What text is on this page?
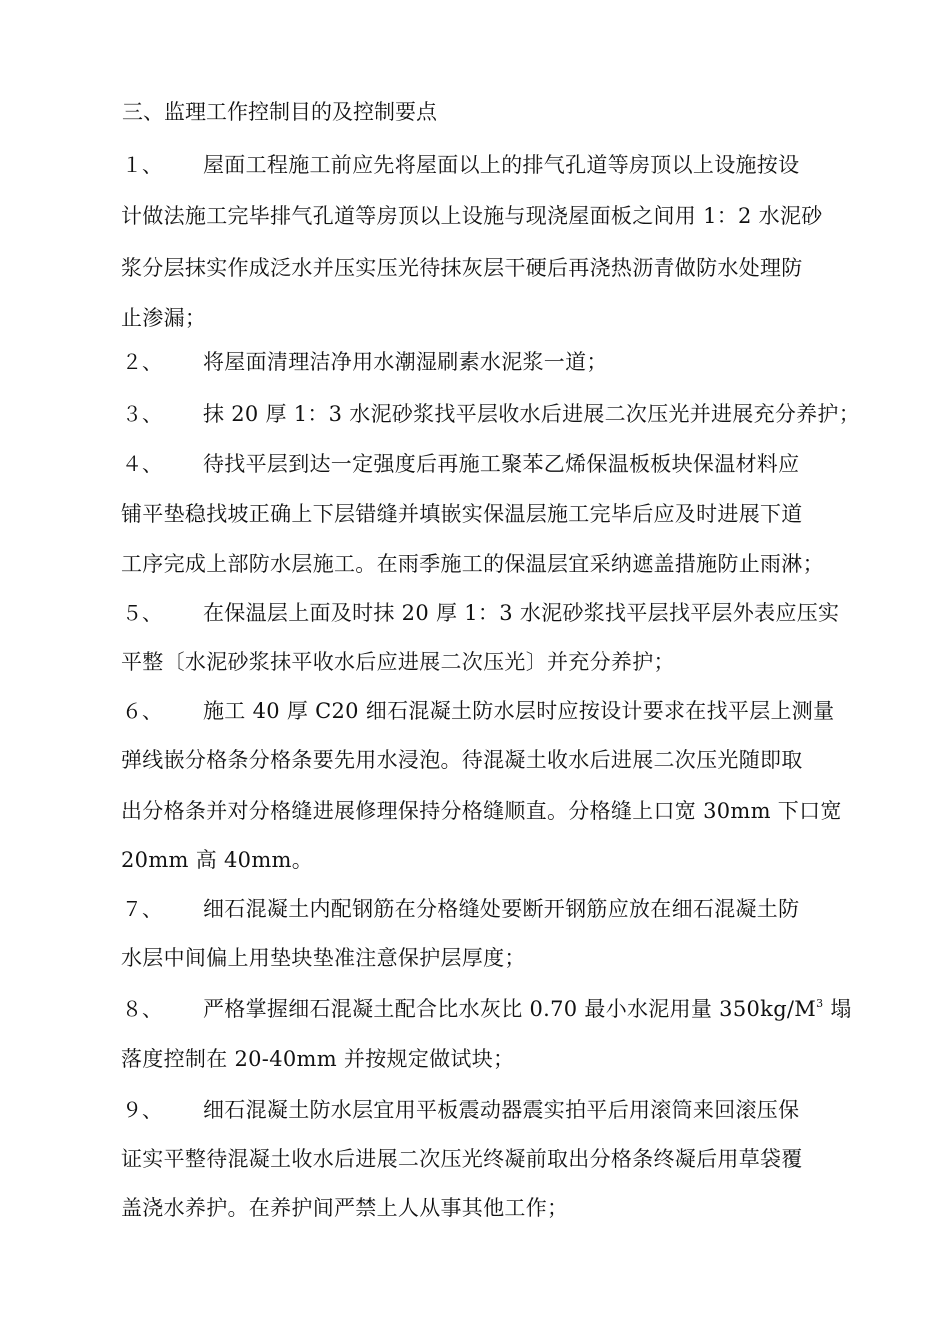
三、监理工作控制目的及控制要点
１、 屋面工程施工前应先将屋面以上的排气孔道等房顶以上设施按设
计做法施工完毕排气孔道等房顶以上设施与现浇屋面板之间用 1：2 水泥砂
浆分层抹实作成泛水并压实压光待抹灰层干硬后再浇热沥青做防水处理防
止渗漏；
２、 将屋面清理洁净用水潮湿刷素水泥浆一道；
３、 抹 20 厚 1：3 水泥砂浆找平层收水后进展二次压光并进展充分养护；
４、 待找平层到达一定强度后再施工聚苯乙烯保温板板块保温材料应
铺平垫稳找坡正确上下层错缝并填嵌实保温层施工完毕后应及时进展下道
工序完成上部防水层施工。在雨季施工的保温层宜采纳遮盖措施防止雨淋；
５、 在保温层上面及时抹 20 厚 1：3 水泥砂浆找平层找平层外表应压实
平整〔水泥砂浆抹平收水后应进展二次压光〕并充分养护；
６、 施工 40 厚 C20 细石混凝土防水层时应按设计要求在找平层上测量
弹线嵌分格条分格条要先用水浸泡。待混凝土收水后进展二次压光随即取
出分格条并对分格缝进展修理保持分格缝顺直。分格缝上口宽 30mm 下口宽
20mm 高 40mm。
７、 细石混凝土内配钢筋在分格缝处要断开钢筋应放在细石混凝土防
水层中间偏上用垫块垫准注意保护层厚度；
８、 严格掌握细石混凝土配合比水灰比 0.70 最小水泥用量 $350kg/M^3$ 塌
落度控制在 20-40mm 并按规定做试块；
９、 细石混凝土防水层宜用平板震动器震实拍平后用滚筒来回滚压保
证实平整待混凝土收水后进展二次压光终凝前取出分格条终凝后用草袋覆
盖浇水养护。在养护间严禁上人从事其他工作；
